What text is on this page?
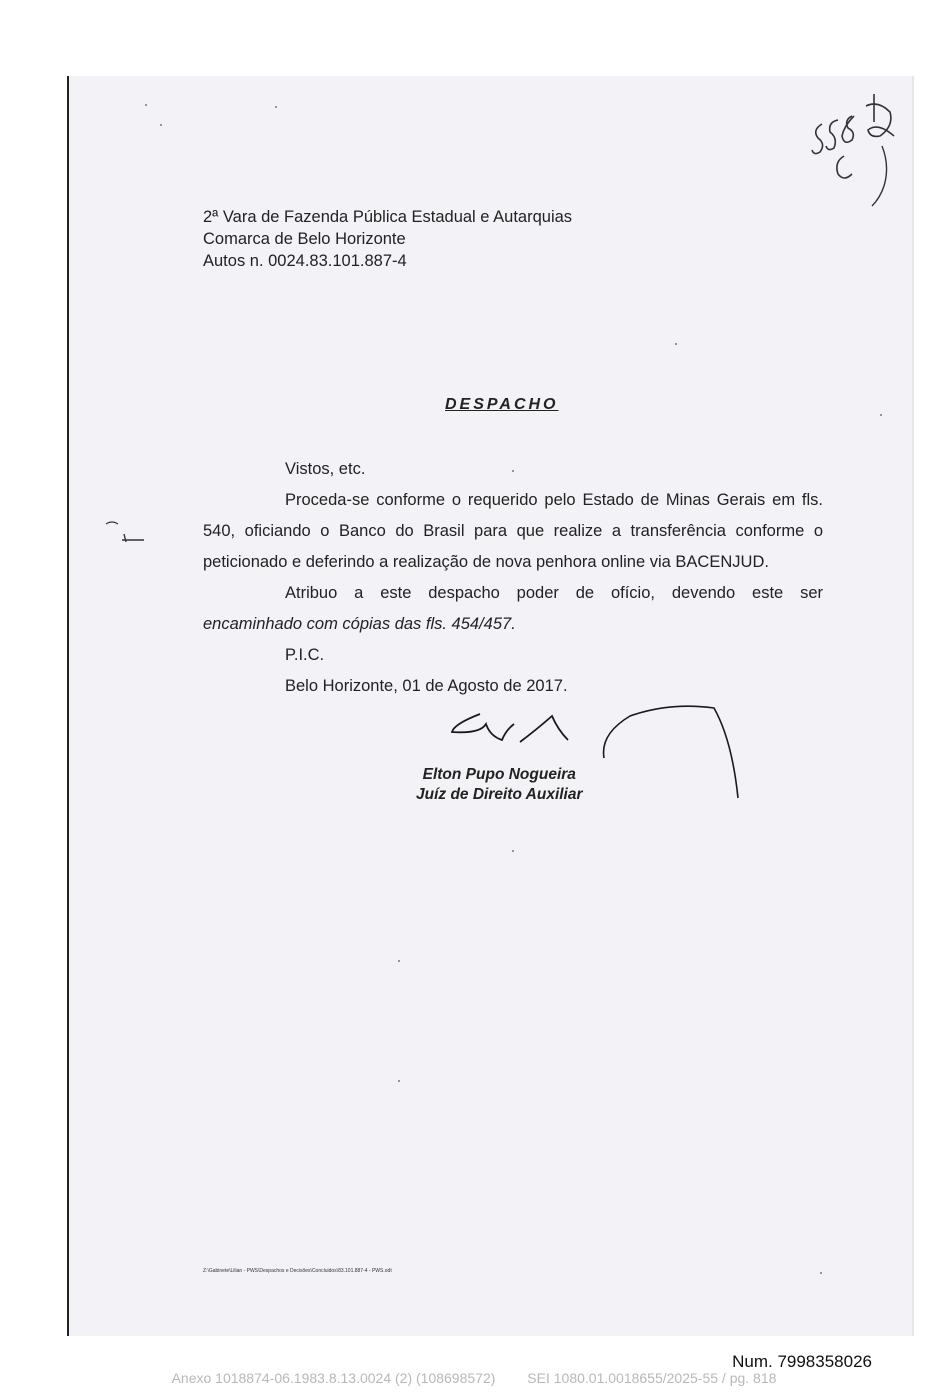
2ª Vara de Fazenda Pública Estadual e Autarquias
Comarca de Belo Horizonte
Autos n. 0024.83.101.887-4
DESPACHO

Vistos, etc.

Proceda-se conforme o requerido pelo Estado de Minas Gerais em fls. 540, oficiando o Banco do Brasil para que realize a transferência conforme o peticionado e deferindo a realização de nova penhora online via BACENJUD.

Atribuo a este despacho poder de ofício, devendo este ser

encaminhado com cópias das fls. 454/457.

P.I.C.

Belo Horizonte, 01 de Agosto de 2017.

Elton Pupo Nogueira
Juíz de Direito Auxiliar
Z:\Gabinete\Lilian - PWS\Despachos e Decisões\Concluidos\83.101.887-4 - PWS.odt
Num. 7998358026
Anexo 1018874-06.1983.8.13.0024 (2) (108698572) SEI 1080.01.0018655/2025-55 / pg. 818
